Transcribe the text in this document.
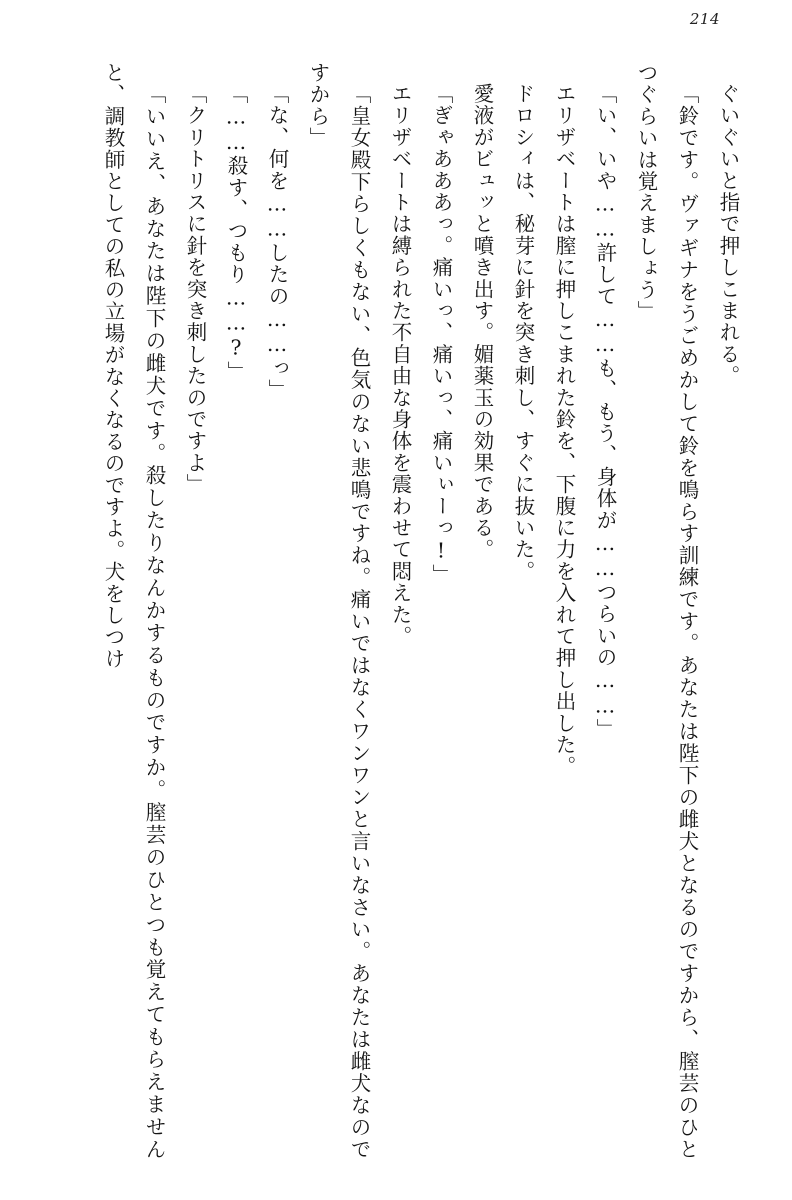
214

ぐいぐいと指で押しこまれる。

「鈴です。ヴァギナをうごめかして鈴を鳴らす訓練です。あなたは陛下の雌犬となるのですから、膣芸のひとつぐらいは覚えましょう」

「い、いや……許して……も、もう、身体が……つらいの……」

エリザベートは膣に押しこまれた鈴を、下腹に力を入れて押し出した。

ドロシィは、秘芽に針を突き刺し、すぐに抜いた。

愛液がビュッと噴き出す。媚薬玉の効果である。

「ぎゃあああっ。痛いっ、痛いっ、痛いぃーっ!」

エリザベートは縛られた不自由な身体を震わせて悶えた。

「皇女殿下らしくもない、色気のない悲鳴ですね。痛いではなくワンワンと言いなさい。あなたは雌犬なのですから」

「な、何を……したの……っ」

「……殺す、つもり……?」

「クリトリスに針を突き刺したのですよ」

「いいえ、あなたは陛下の雌犬です。殺したりなんかするものですか。膣芸のひとつも覚えてもらえませんと、調教師としての私の立場がなくなるのですよ。犬をしつけ
